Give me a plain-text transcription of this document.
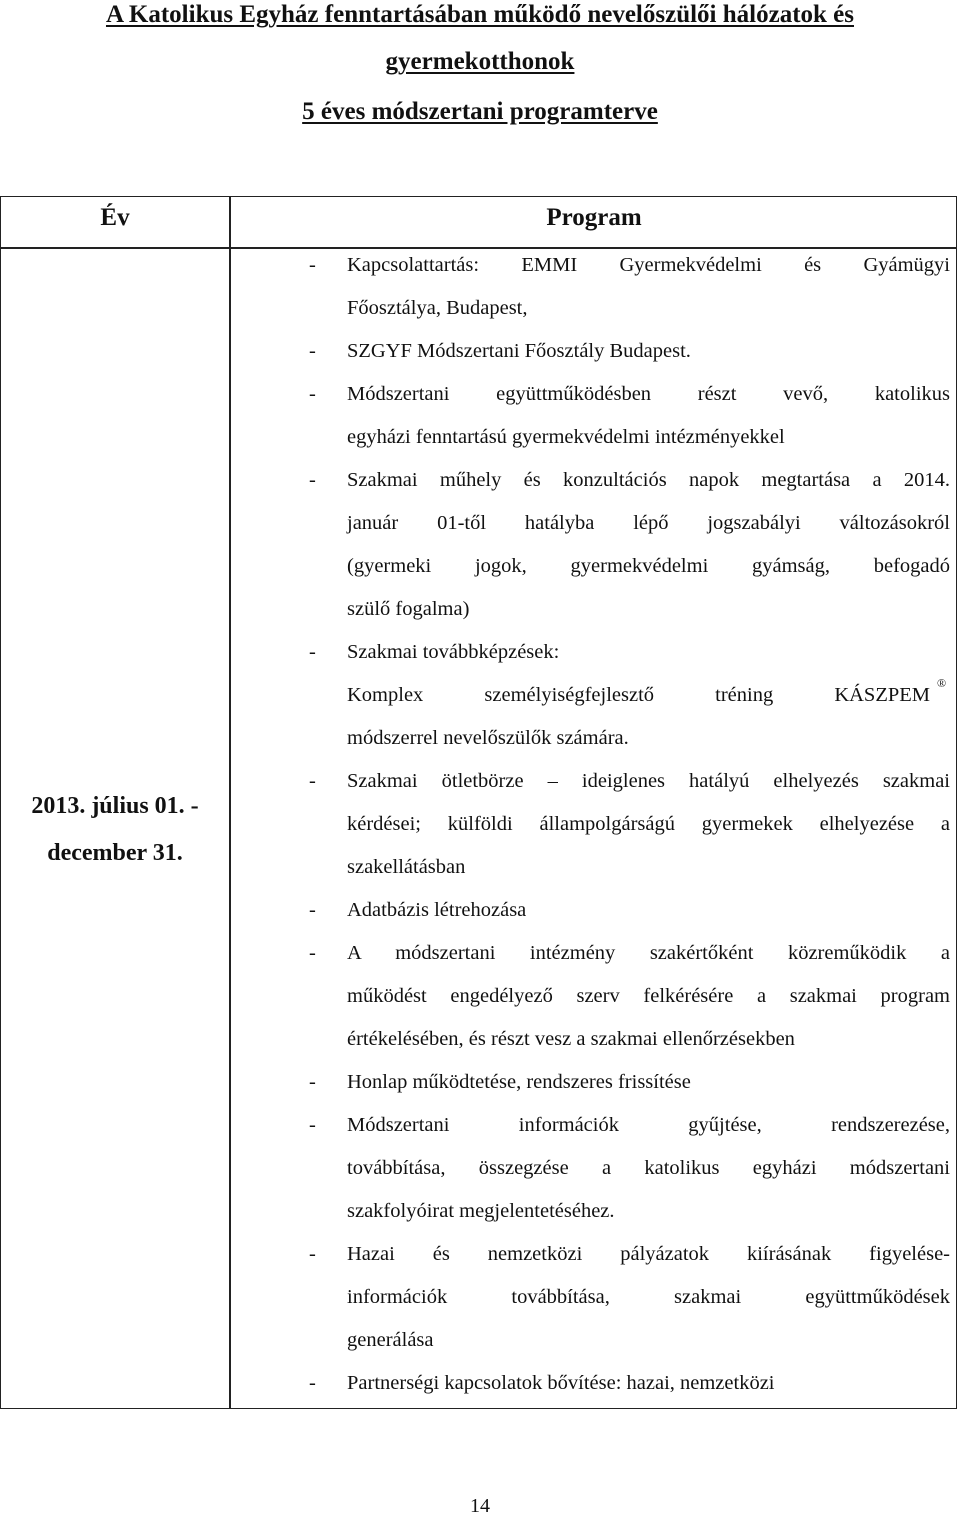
A Katolikus Egyház fenntartásában működő nevelőszülői hálózatok és
gyermekotthonok
5 éves módszertani programterve
Év	Program
2013. július 01. -
december 31.
- Kapcsolattartás: EMMI Gyermekvédelmi és Gyámügyi
Főosztálya, Budapest,
- SZGYF Módszertani Főosztály Budapest.
- Módszertani együttműködésben részt vevő, katolikus
egyházi fenntartású gyermekvédelmi intézményekkel
- Szakmai műhely és konzultációs napok megtartása a 2014.
január 01-től hatályba lépő jogszabályi változásokról
(gyermeki jogok, gyermekvédelmi gyámság, befogadó
szülő fogalma)
- Szakmai továbbképzések:
Komplex személyiségfejlesztő tréning KÁSZPEM
®
módszerrel nevelőszülők számára.
- Szakmai ötletbörze – ideiglenes hatályú elhelyezés szakmai
kérdései; külföldi állampolgárságú gyermekek elhelyezése a
szakellátásban
- Adatbázis létrehozása
- A módszertani intézmény szakértőként közreműködik a
működést engedélyező szerv felkérésére a szakmai program
értékelésében, és részt vesz a szakmai ellenőrzésekben
- Honlap működtetése, rendszeres frissítése
- Módszertani információk gyűjtése, rendszerezése,
továbbítása, összegzése a katolikus egyházi módszertani
szakfolyóirat megjelentetéséhez.
- Hazai és nemzetközi pályázatok kiírásának figyelése-
információk továbbítása, szakmai együttműködések
generálása
- Partnerségi kapcsolatok bővítése: hazai, nemzetközi
14
